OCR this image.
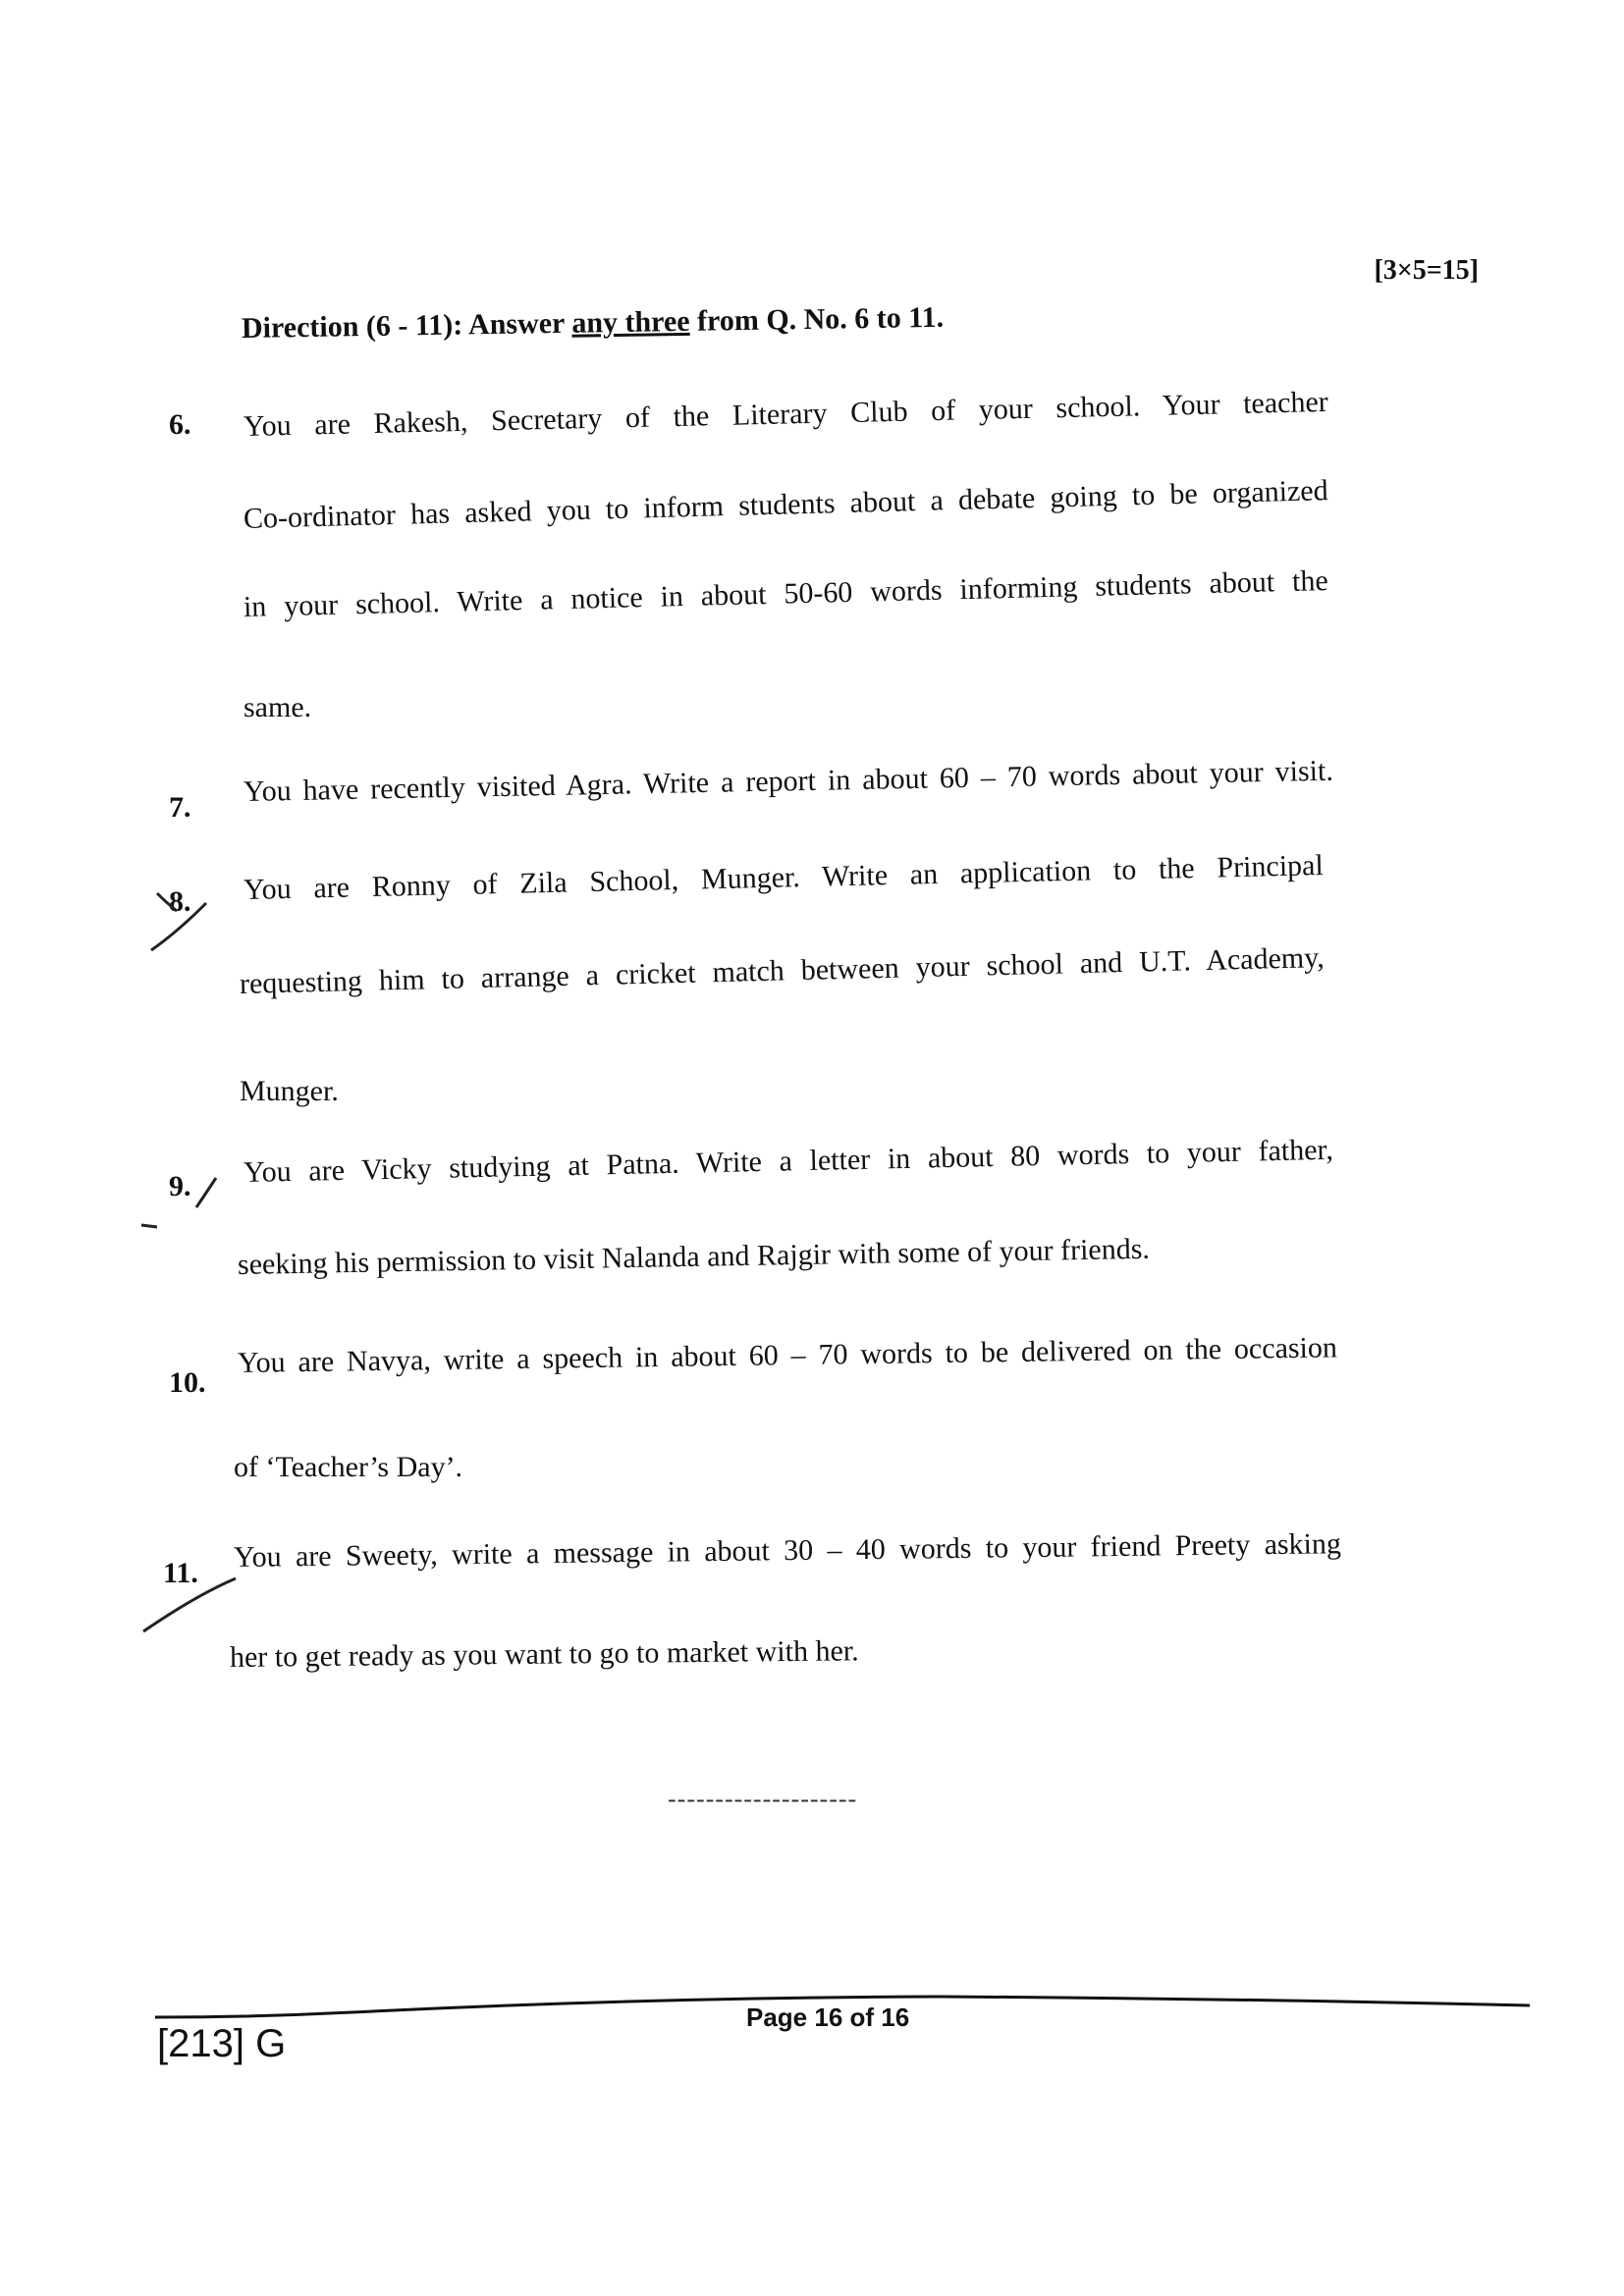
[3×5=15]
Direction (6 - 11): Answer any three from Q. No. 6 to 11.
6. You are Rakesh, Secretary of the Literary Club of your school. Your teacher
Co-ordinator has asked you to inform students about a debate going to be organized
in your school. Write a notice in about 50-60 words informing students about the
same.
7. You have recently visited Agra. Write a report in about 60 – 70 words about your visit.
8. You are Ronny of Zila School, Munger. Write an application to the Principal
requesting him to arrange a cricket match between your school and U.T. Academy,
Munger.
9. You are Vicky studying at Patna. Write a letter in about 80 words to your father,
seeking his permission to visit Nalanda and Rajgir with some of your friends.
10.
You are Navya, write a speech in about 60 – 70 words to be delivered on the occasion
of ‘Teacher’s Day’.
11. You are Sweety, write a message in about 30 – 40 words to your friend Preety asking
her to get ready as you want to go to market with her.
--------------------
Page 16 of 16
[213] G
